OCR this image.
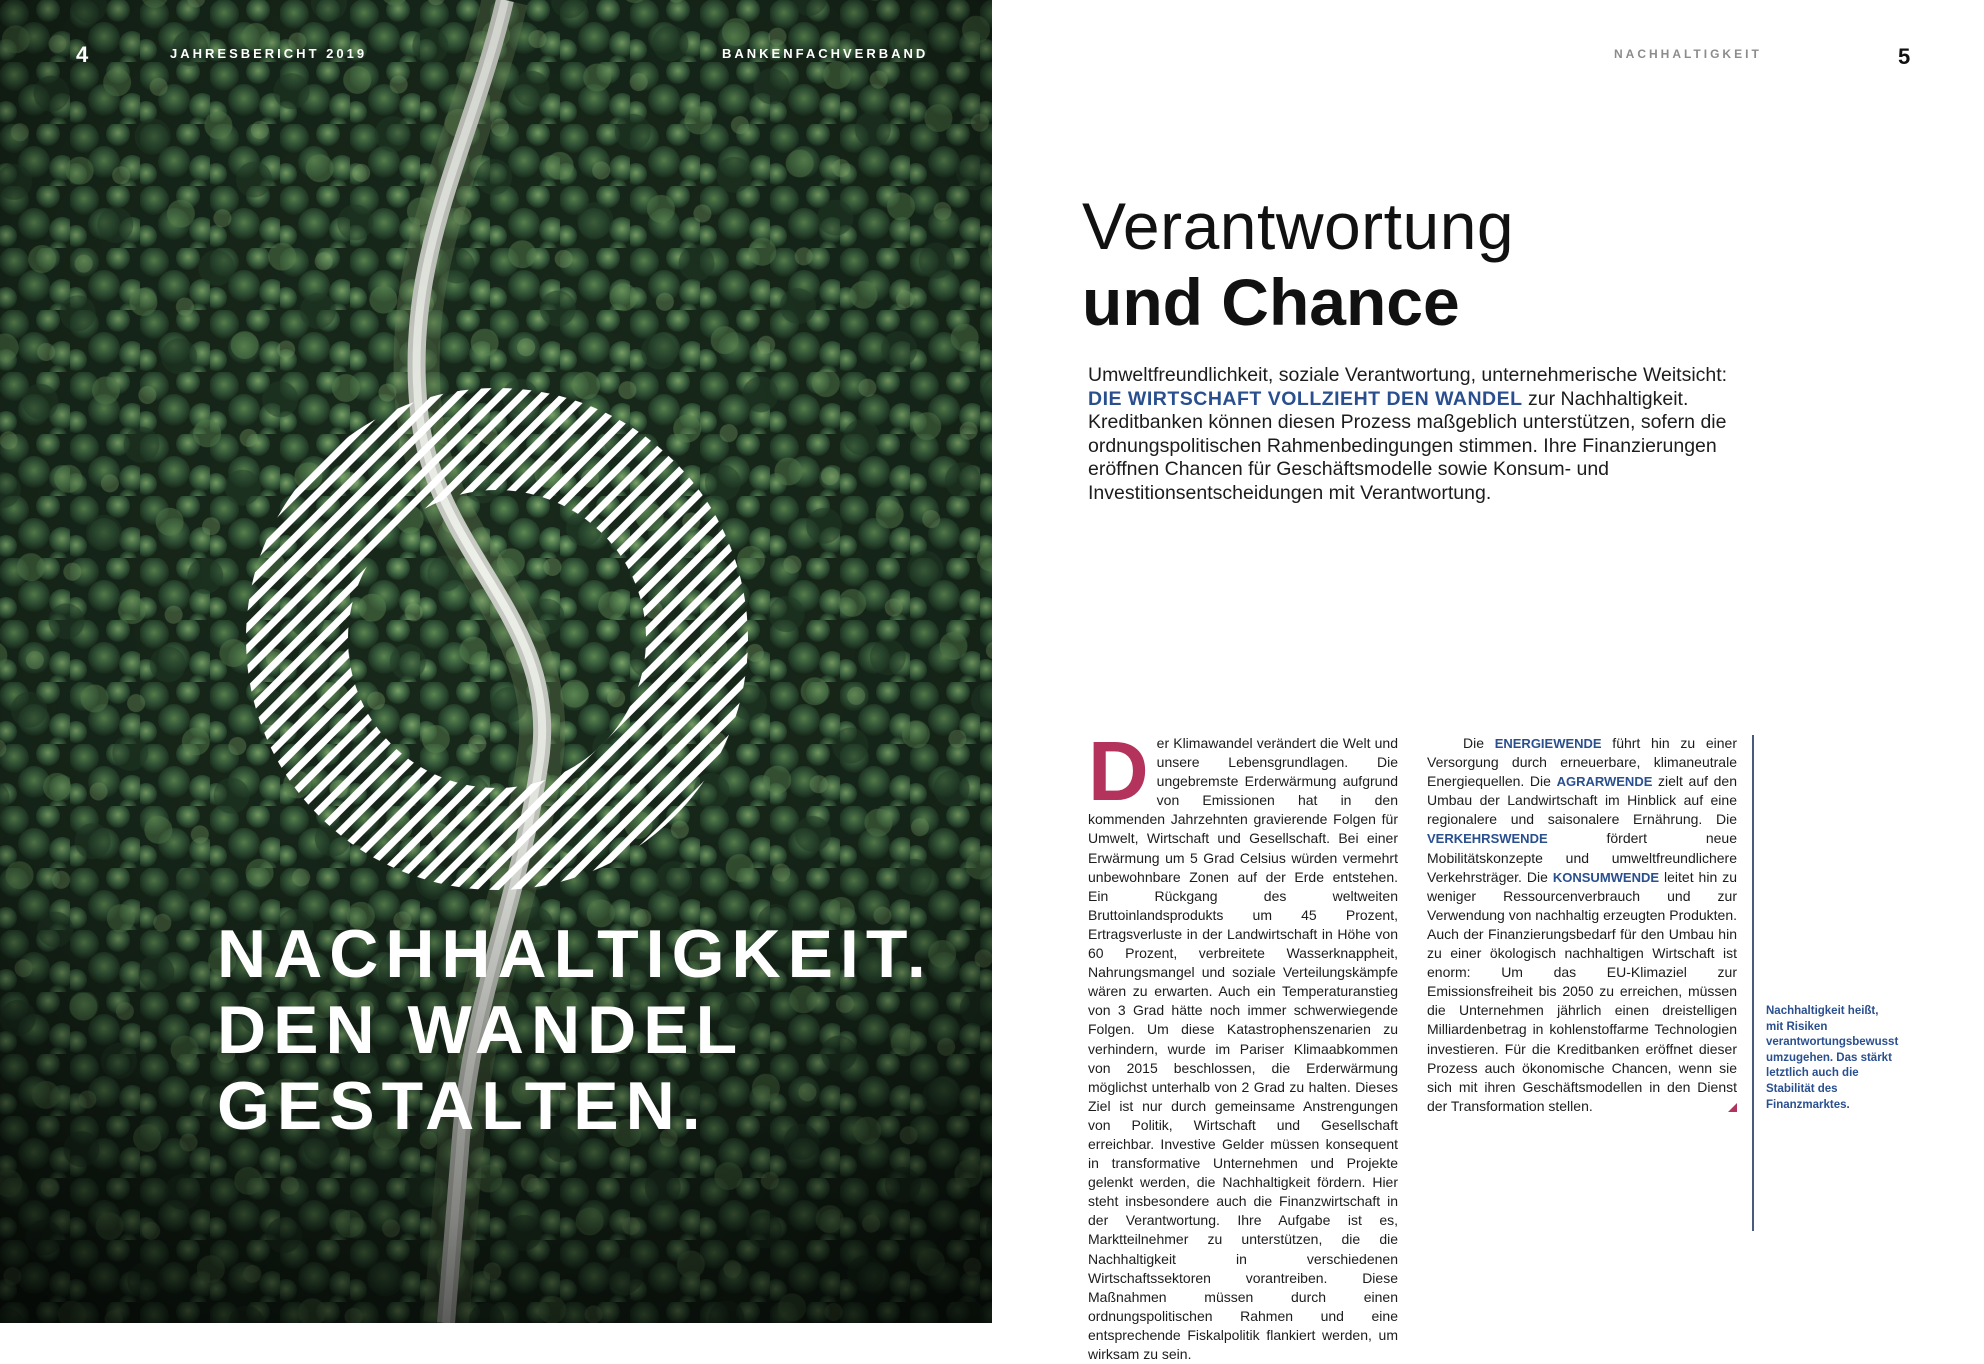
4	JAHRESBERICHT 2019	BANKENFACHVERBAND
NACHHALTIGKEIT.
DEN WANDEL
GESTALTEN.
NACHHALTIGKEIT	5
Verantwortung
und Chance

Umweltfreundlichkeit, soziale Verantwortung, unternehmerische Weitsicht: DIE WIRTSCHAFT VOLLZIEHT DEN WANDEL zur Nachhaltigkeit. Kreditbanken können diesen Prozess maßgeblich unterstützen, sofern die ordnungspolitischen Rahmenbedingungen stimmen. Ihre Finanzierungen eröffnen Chancen für Geschäftsmodelle sowie Konsum- und Investitionsentscheidungen mit Verantwortung.

Der Klimawandel verändert die Welt und unsere Lebensgrundlagen. Die ungebremste Erderwärmung aufgrund von Emissionen hat in den kommenden Jahrzehnten gravierende Folgen für Umwelt, Wirtschaft und Gesellschaft. Bei einer Erwärmung um 5 Grad Celsius würden vermehrt unbewohnbare Zonen auf der Erde entstehen. Ein Rückgang des weltweiten Bruttoinlandsprodukts um 45 Prozent, Ertragsverluste in der Landwirtschaft in Höhe von 60 Prozent, verbreitete Wasserknappheit, Nahrungsmangel und soziale Verteilungskämpfe wären zu erwarten. Auch ein Temperaturanstieg von 3 Grad hätte noch immer schwerwiegende Folgen. Um diese Katastrophenszenarien zu verhindern, wurde im Pariser Klimaabkommen von 2015 beschlossen, die Erderwärmung möglichst unterhalb von 2 Grad zu halten. Dieses Ziel ist nur durch gemeinsame Anstrengungen von Politik, Wirtschaft und Gesellschaft erreichbar. Investive Gelder müssen konsequent in transformative Unternehmen und Projekte gelenkt werden, die Nachhaltigkeit fördern. Hier steht insbesondere auch die Finanzwirtschaft in der Verantwortung. Ihre Aufgabe ist es, Marktteilnehmer zu unterstützen, die die Nachhaltigkeit in verschiedenen Wirtschaftssektoren vorantreiben. Diese Maßnahmen müssen durch einen ordnungspolitischen Rahmen und eine entsprechende Fiskalpolitik flankiert werden, um wirksam zu sein.

Die ENERGIEWENDE führt hin zu einer Versorgung durch erneuerbare, klimaneutrale Energiequellen. Die AGRARWENDE zielt auf den Umbau der Landwirtschaft im Hinblick auf eine regionalere und saisonalere Ernährung. Die VERKEHRSWENDE fördert neue Mobilitätskonzepte und umweltfreundlichere Verkehrsträger. Die KONSUMWENDE leitet hin zu weniger Ressourcenverbrauch und zur Verwendung von nachhaltig erzeugten Produkten. Auch der Finanzierungsbedarf für den Umbau hin zu einer ökologisch nachhaltigen Wirtschaft ist enorm: Um das EU-Klimaziel zur Emissionsfreiheit bis 2050 zu erreichen, müssen die Unternehmen jährlich einen dreistelligen Milliardenbetrag in kohlenstoffarme Technologien investieren. Für die Kreditbanken eröffnet dieser Prozess auch ökonomische Chancen, wenn sie sich mit ihren Geschäftsmodellen in den Dienst der Transformation stellen.

Nachhaltigkeit heißt, mit Risiken verantwortungsbewusst umzugehen. Das stärkt letztlich auch die Stabilität des Finanzmarktes.
